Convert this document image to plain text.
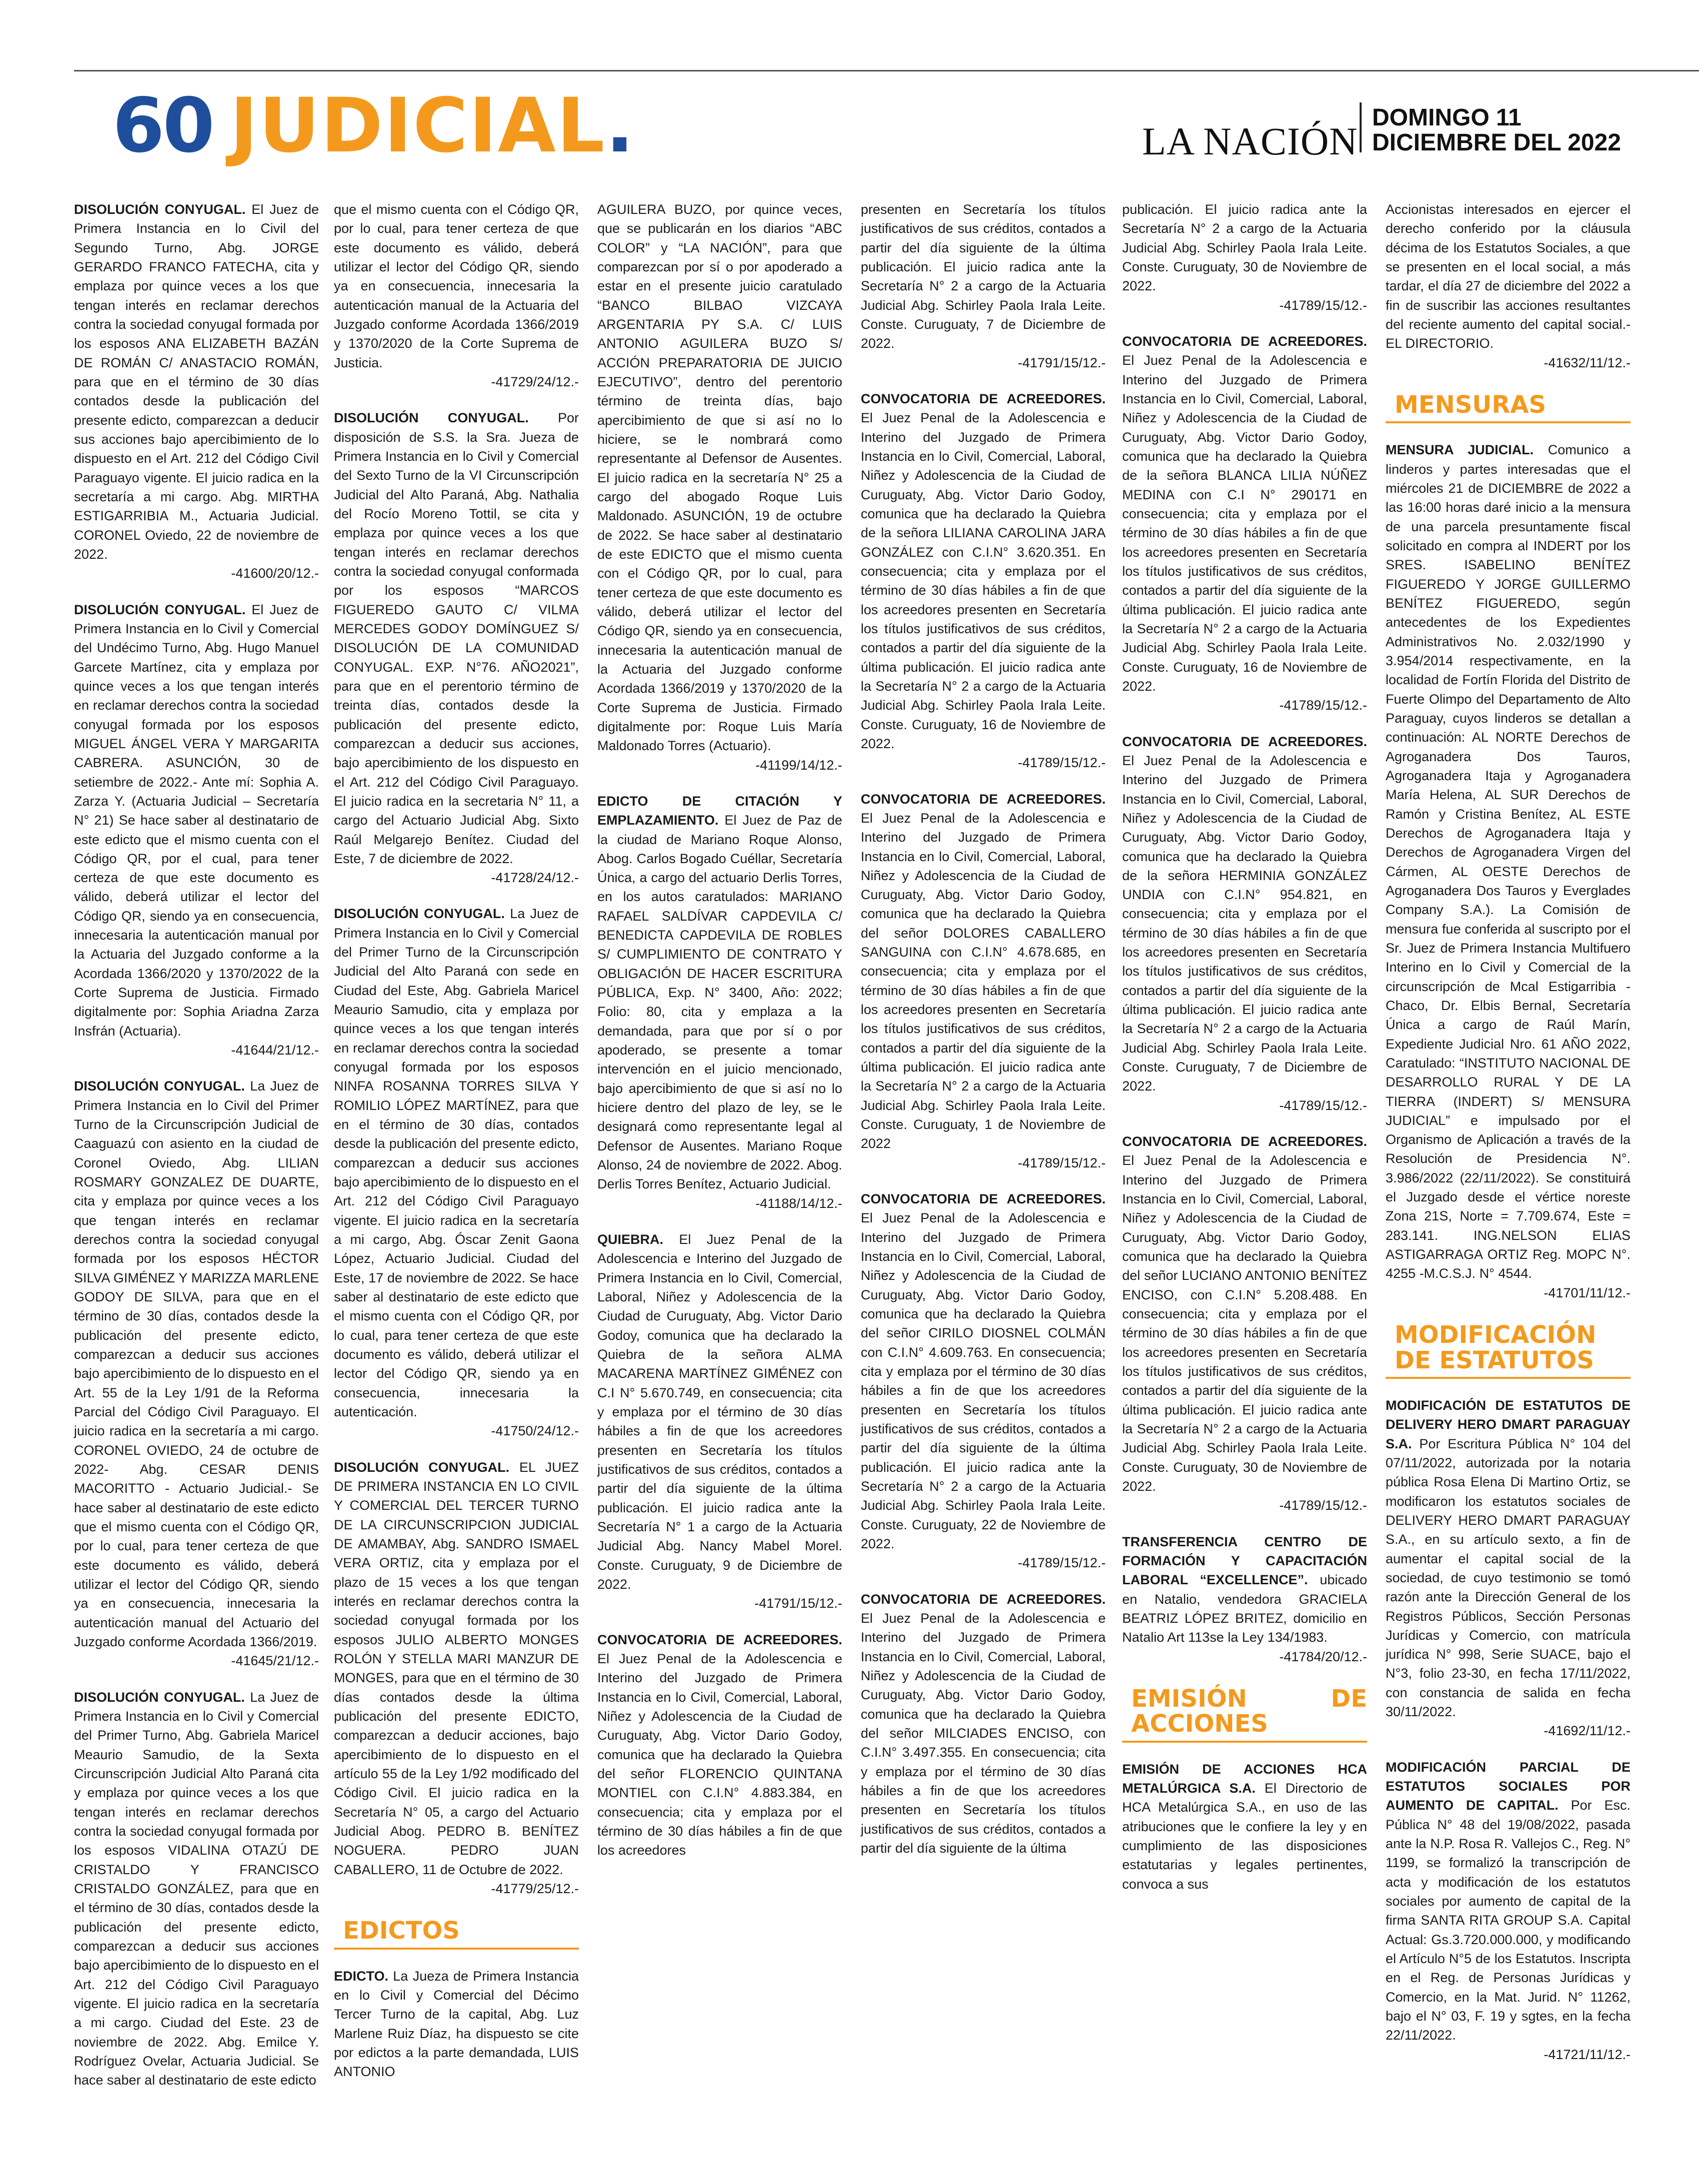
60 JUDICIAL.	LA NACIÓN
DOMINGO 11
DICIEMBRE DEL 2022

DISOLUCIÓN CONYUGAL. El Juez de Primera Instancia en lo Civil del Segundo Turno, Abg. JORGE GERARDO FRANCO FATECHA, cita y emplaza por quince veces a los que tengan interés en reclamar derechos contra la sociedad conyugal formada por los esposos ANA ELIZABETH BAZÁN DE ROMÁN C/ ANASTACIO ROMÁN, para que en el término de 30 días contados desde la publicación del presente edicto, comparezcan a deducir sus acciones bajo apercibimiento de lo dispuesto en el Art. 212 del Código Civil Paraguayo vigente. El juicio radica en la secretaría a mi cargo. Abg. MIRTHA ESTIGARRIBIA M., Actuaria Judicial. CORONEL Oviedo, 22 de noviembre de 2022.
-41600/20/12.-

DISOLUCIÓN CONYUGAL. El Juez de Primera Instancia en lo Civil y Comercial del Undécimo Turno, Abg. Hugo Manuel Garcete Martínez, cita y emplaza por quince veces a los que tengan interés en reclamar derechos contra la sociedad conyugal formada por los esposos MIGUEL ÁNGEL VERA Y MARGARITA CABRERA. ASUNCIÓN, 30 de setiembre de 2022.- Ante mí: Sophia A. Zarza Y. (Actuaria Judicial – Secretaría N° 21) Se hace saber al destinatario de este edicto que el mismo cuenta con el Código QR, por el cual, para tener certeza de que este documento es válido, deberá utilizar el lector del Código QR, siendo ya en consecuencia, innecesaria la autenticación manual por la Actuaria del Juzgado conforme a la Acordada 1366/2020 y 1370/2022 de la Corte Suprema de Justicia. Firmado digitalmente por: Sophia Ariadna Zarza Insfrán (Actuaria).
-41644/21/12.-

DISOLUCIÓN CONYUGAL. La Juez de Primera Instancia en lo Civil del Primer Turno de la Circunscripción Judicial de Caaguazú con asiento en la ciudad de Coronel Oviedo, Abg. LILIAN ROSMARY GONZALEZ DE DUARTE, cita y emplaza por quince veces a los que tengan interés en reclamar derechos contra la sociedad conyugal formada por los esposos HÉCTOR SILVA GIMÉNEZ Y MARIZZA MARLENE GODOY DE SILVA, para que en el término de 30 días, contados desde la publicación del presente edicto, comparezcan a deducir sus acciones bajo apercibimiento de lo dispuesto en el Art. 55 de la Ley 1/91 de la Reforma Parcial del Código Civil Paraguayo. El juicio radica en la secretaría a mi cargo. CORONEL OVIEDO, 24 de octubre de 2022- Abg. CESAR DENIS MACORITTO - Actuario Judicial.- Se hace saber al destinatario de este edicto que el mismo cuenta con el Código QR, por lo cual, para tener certeza de que este documento es válido, deberá utilizar el lector del Código QR, siendo ya en consecuencia, innecesaria la autenticación manual del Actuario del Juzgado conforme Acordada 1366/2019.
-41645/21/12.-

DISOLUCIÓN CONYUGAL. La Juez de Primera Instancia en lo Civil y Comercial del Primer Turno, Abg. Gabriela Maricel Meaurio Samudio, de la Sexta Circunscripción Judicial Alto Paraná cita y emplaza por quince veces a los que tengan interés en reclamar derechos contra la sociedad conyugal formada por los esposos VIDALINA OTAZÚ DE CRISTALDO Y FRANCISCO CRISTALDO GONZÁLEZ, para que en el término de 30 días, contados desde la publicación del presente edicto, comparezcan a deducir sus acciones bajo apercibimiento de lo dispuesto en el Art. 212 del Código Civil Paraguayo vigente. El juicio radica en la secretaría a mi cargo. Ciudad del Este. 23 de noviembre de 2022. Abg. Emilce Y. Rodríguez Ovelar, Actuaria Judicial. Se hace saber al destinatario de este edicto

que el mismo cuenta con el Código QR, por lo cual, para tener certeza de que este documento es válido, deberá utilizar el lector del Código QR, siendo ya en consecuencia, innecesaria la autenticación manual de la Actuaria del Juzgado conforme Acordada 1366/2019 y 1370/2020 de la Corte Suprema de Justicia.
-41729/24/12.-

DISOLUCIÓN CONYUGAL. Por disposición de S.S. la Sra. Jueza de Primera Instancia en lo Civil y Comercial del Sexto Turno de la VI Circunscripción Judicial del Alto Paraná, Abg. Nathalia del Rocío Moreno Tottil, se cita y emplaza por quince veces a los que tengan interés en reclamar derechos contra la sociedad conyugal conformada por los esposos “MARCOS FIGUEREDO GAUTO C/ VILMA MERCEDES GODOY DOMÍNGUEZ S/ DISOLUCIÓN DE LA COMUNIDAD CONYUGAL. EXP. N°76. AÑO2021”, para que en el perentorio término de treinta días, contados desde la publicación del presente edicto, comparezcan a deducir sus acciones, bajo apercibimiento de los dispuesto en el Art. 212 del Código Civil Paraguayo. El juicio radica en la secretaria N° 11, a cargo del Actuario Judicial Abg. Sixto Raúl Melgarejo Benítez. Ciudad del Este, 7 de diciembre de 2022.
-41728/24/12.-

DISOLUCIÓN CONYUGAL. La Juez de Primera Instancia en lo Civil y Comercial del Primer Turno de la Circunscripción Judicial del Alto Paraná con sede en Ciudad del Este, Abg. Gabriela Maricel Meaurio Samudio, cita y emplaza por quince veces a los que tengan interés en reclamar derechos contra la sociedad conyugal formada por los esposos NINFA ROSANNA TORRES SILVA Y ROMILIO LÓPEZ MARTÍNEZ, para que en el término de 30 días, contados desde la publicación del presente edicto, comparezcan a deducir sus acciones bajo apercibimiento de lo dispuesto en el Art. 212 del Código Civil Paraguayo vigente. El juicio radica en la secretaría a mi cargo, Abg. Óscar Zenit Gaona López, Actuario Judicial. Ciudad del Este, 17 de noviembre de 2022. Se hace saber al destinatario de este edicto que el mismo cuenta con el Código QR, por lo cual, para tener certeza de que este documento es válido, deberá utilizar el lector del Código QR, siendo ya en consecuencia, innecesaria la autenticación.
-41750/24/12.-

DISOLUCIÓN CONYUGAL. EL JUEZ DE PRIMERA INSTANCIA EN LO CIVIL Y COMERCIAL DEL TERCER TURNO DE LA CIRCUNSCRIPCION JUDICIAL DE AMAMBAY, Abg. SANDRO ISMAEL VERA ORTIZ, cita y emplaza por el plazo de 15 veces a los que tengan interés en reclamar derechos contra la sociedad conyugal formada por los esposos JULIO ALBERTO MONGES ROLÓN Y STELLA MARI MANZUR DE MONGES, para que en el término de 30 días contados desde la última publicación del presente EDICTO, comparezcan a deducir acciones, bajo apercibimiento de lo dispuesto en el artículo 55 de la Ley 1/92 modificado del Código Civil. El juicio radica en la Secretaría N° 05, a cargo del Actuario Judicial Abog. PEDRO B. BENÍTEZ NOGUERA. PEDRO JUAN CABALLERO, 11 de Octubre de 2022.
-41779/25/12.-

EDICTOS

EDICTO. La Jueza de Primera Instancia en lo Civil y Comercial del Décimo Tercer Turno de la capital, Abg. Luz Marlene Ruiz Díaz, ha dispuesto se cite por edictos a la parte demandada, LUIS ANTONIO

AGUILERA BUZO, por quince veces, que se publicarán en los diarios “ABC COLOR” y “LA NACIÓN”, para que comparezcan por sí o por apoderado a estar en el presente juicio caratulado “BANCO BILBAO VIZCAYA ARGENTARIA PY S.A. C/ LUIS ANTONIO AGUILERA BUZO S/ ACCIÓN PREPARATORIA DE JUICIO EJECUTIVO”, dentro del perentorio término de treinta días, bajo apercibimiento de que si así no lo hiciere, se le nombrará como representante al Defensor de Ausentes. El juicio radica en la secretaría N° 25 a cargo del abogado Roque Luis Maldonado. ASUNCIÓN, 19 de octubre de 2022. Se hace saber al destinatario de este EDICTO que el mismo cuenta con el Código QR, por lo cual, para tener certeza de que este documento es válido, deberá utilizar el lector del Código QR, siendo ya en consecuencia, innecesaria la autenticación manual de la Actuaria del Juzgado conforme Acordada 1366/2019 y 1370/2020 de la Corte Suprema de Justicia. Firmado digitalmente por: Roque Luis María Maldonado Torres (Actuario).
-41199/14/12.-

EDICTO DE CITACIÓN Y EMPLAZAMIENTO. El Juez de Paz de la ciudad de Mariano Roque Alonso, Abog. Carlos Bogado Cuéllar, Secretaría Única, a cargo del actuario Derlis Torres, en los autos caratulados: MARIANO RAFAEL SALDÍVAR CAPDEVILA C/ BENEDICTA CAPDEVILA DE ROBLES S/ CUMPLIMIENTO DE CONTRATO Y OBLIGACIÓN DE HACER ESCRITURA PÚBLICA, Exp. N° 3400, Año: 2022; Folio: 80, cita y emplaza a la demandada, para que por sí o por apoderado, se presente a tomar intervención en el juicio mencionado, bajo apercibimiento de que si así no lo hiciere dentro del plazo de ley, se le designará como representante legal al Defensor de Ausentes. Mariano Roque Alonso, 24 de noviembre de 2022. Abog. Derlis Torres Benítez, Actuario Judicial.
-41188/14/12.-

QUIEBRA. El Juez Penal de la Adolescencia e Interino del Juzgado de Primera Instancia en lo Civil, Comercial, Laboral, Niñez y Adolescencia de la Ciudad de Curuguaty, Abg. Victor Dario Godoy, comunica que ha declarado la Quiebra de la señora ALMA MACARENA MARTÍNEZ GIMÉNEZ con C.I N° 5.670.749, en consecuencia; cita y emplaza por el término de 30 días hábiles a fin de que los acreedores presenten en Secretaría los títulos justificativos de sus créditos, contados a partir del día siguiente de la última publicación. El juicio radica ante la Secretaría N° 1 a cargo de la Actuaria Judicial Abg. Nancy Mabel Morel. Conste. Curuguaty, 9 de Diciembre de 2022.
-41791/15/12.-

CONVOCATORIA DE ACREEDORES. El Juez Penal de la Adolescencia e Interino del Juzgado de Primera Instancia en lo Civil, Comercial, Laboral, Niñez y Adolescencia de la Ciudad de Curuguaty, Abg. Victor Dario Godoy, comunica que ha declarado la Quiebra del señor FLORENCIO QUINTANA MONTIEL con C.I.N° 4.883.384, en consecuencia; cita y emplaza por el término de 30 días hábiles a fin de que los acreedores

presenten en Secretaría los títulos justificativos de sus créditos, contados a partir del día siguiente de la última publicación. El juicio radica ante la Secretaría N° 2 a cargo de la Actuaria Judicial Abg. Schirley Paola Irala Leite. Conste. Curuguaty, 7 de Diciembre de 2022.
-41791/15/12.-

CONVOCATORIA DE ACREEDORES. El Juez Penal de la Adolescencia e Interino del Juzgado de Primera Instancia en lo Civil, Comercial, Laboral, Niñez y Adolescencia de la Ciudad de Curuguaty, Abg. Victor Dario Godoy, comunica que ha declarado la Quiebra de la señora LILIANA CAROLINA JARA GONZÁLEZ con C.I.N° 3.620.351. En consecuencia; cita y emplaza por el término de 30 días hábiles a fin de que los acreedores presenten en Secretaría los títulos justificativos de sus créditos, contados a partir del día siguiente de la última publicación. El juicio radica ante la Secretaría N° 2 a cargo de la Actuaria Judicial Abg. Schirley Paola Irala Leite. Conste. Curuguaty, 16 de Noviembre de 2022.
-41789/15/12.-

CONVOCATORIA DE ACREEDORES. El Juez Penal de la Adolescencia e Interino del Juzgado de Primera Instancia en lo Civil, Comercial, Laboral, Niñez y Adolescencia de la Ciudad de Curuguaty, Abg. Victor Dario Godoy, comunica que ha declarado la Quiebra del señor DOLORES CABALLERO SANGUINA con C.I.N° 4.678.685, en consecuencia; cita y emplaza por el término de 30 días hábiles a fin de que los acreedores presenten en Secretaría los títulos justificativos de sus créditos, contados a partir del día siguiente de la última publicación. El juicio radica ante la Secretaría N° 2 a cargo de la Actuaria Judicial Abg. Schirley Paola Irala Leite. Conste. Curuguaty, 1 de Noviembre de 2022
-41789/15/12.-

CONVOCATORIA DE ACREEDORES. El Juez Penal de la Adolescencia e Interino del Juzgado de Primera Instancia en lo Civil, Comercial, Laboral, Niñez y Adolescencia de la Ciudad de Curuguaty, Abg. Victor Dario Godoy, comunica que ha declarado la Quiebra del señor CIRILO DIOSNEL COLMÁN con C.I.N° 4.609.763. En consecuencia; cita y emplaza por el término de 30 días hábiles a fin de que los acreedores presenten en Secretaría los títulos justificativos de sus créditos, contados a partir del día siguiente de la última publicación. El juicio radica ante la Secretaría N° 2 a cargo de la Actuaria Judicial Abg. Schirley Paola Irala Leite. Conste. Curuguaty, 22 de Noviembre de 2022.
-41789/15/12.-

CONVOCATORIA DE ACREEDORES. El Juez Penal de la Adolescencia e Interino del Juzgado de Primera Instancia en lo Civil, Comercial, Laboral, Niñez y Adolescencia de la Ciudad de Curuguaty, Abg. Victor Dario Godoy, comunica que ha declarado la Quiebra del señor MILCIADES ENCISO, con C.I.N° 3.497.355. En consecuencia; cita y emplaza por el término de 30 días hábiles a fin de que los acreedores presenten en Secretaría los títulos justificativos de sus créditos, contados a partir del día siguiente de la última

publicación. El juicio radica ante la Secretaría N° 2 a cargo de la Actuaria Judicial Abg. Schirley Paola Irala Leite. Conste. Curuguaty, 30 de Noviembre de 2022.
-41789/15/12.-

CONVOCATORIA DE ACREEDORES. El Juez Penal de la Adolescencia e Interino del Juzgado de Primera Instancia en lo Civil, Comercial, Laboral, Niñez y Adolescencia de la Ciudad de Curuguaty, Abg. Victor Dario Godoy, comunica que ha declarado la Quiebra de la señora BLANCA LILIA NÚÑEZ MEDINA con C.I N° 290171 en consecuencia; cita y emplaza por el término de 30 días hábiles a fin de que los acreedores presenten en Secretaría los títulos justificativos de sus créditos, contados a partir del día siguiente de la última publicación. El juicio radica ante la Secretaría N° 2 a cargo de la Actuaria Judicial Abg. Schirley Paola Irala Leite. Conste. Curuguaty, 16 de Noviembre de 2022.
-41789/15/12.-

CONVOCATORIA DE ACREEDORES. El Juez Penal de la Adolescencia e Interino del Juzgado de Primera Instancia en lo Civil, Comercial, Laboral, Niñez y Adolescencia de la Ciudad de Curuguaty, Abg. Victor Dario Godoy, comunica que ha declarado la Quiebra de la señora HERMINIA GONZÁLEZ UNDIA con C.I.N° 954.821, en consecuencia; cita y emplaza por el término de 30 días hábiles a fin de que los acreedores presenten en Secretaría los títulos justificativos de sus créditos, contados a partir del día siguiente de la última publicación. El juicio radica ante la Secretaría N° 2 a cargo de la Actuaria Judicial Abg. Schirley Paola Irala Leite. Conste. Curuguaty, 7 de Diciembre de 2022.
-41789/15/12.-

CONVOCATORIA DE ACREEDORES. El Juez Penal de la Adolescencia e Interino del Juzgado de Primera Instancia en lo Civil, Comercial, Laboral, Niñez y Adolescencia de la Ciudad de Curuguaty, Abg. Victor Dario Godoy, comunica que ha declarado la Quiebra del señor LUCIANO ANTONIO BENÍTEZ ENCISO, con C.I.N° 5.208.488. En consecuencia; cita y emplaza por el término de 30 días hábiles a fin de que los acreedores presenten en Secretaría los títulos justificativos de sus créditos, contados a partir del día siguiente de la última publicación. El juicio radica ante la Secretaría N° 2 a cargo de la Actuaria Judicial Abg. Schirley Paola Irala Leite. Conste. Curuguaty, 30 de Noviembre de 2022.
-41789/15/12.-

TRANSFERENCIA CENTRO DE FORMACIÓN Y CAPACITACIÓN LABORAL “EXCELLENCE”. ubicado en Natalio, vendedora GRACIELA BEATRIZ LÓPEZ BRITEZ, domicilio en Natalio Art 113se la Ley 134/1983.
-41784/20/12.-

EMISIÓN DE ACCIONES

EMISIÓN DE ACCIONES HCA METALÚRGICA S.A. El Directorio de HCA Metalúrgica S.A., en uso de las atribuciones que le confiere la ley y en cumplimiento de las disposiciones estatutarias y legales pertinentes, convoca a sus

Accionistas interesados en ejercer el derecho conferido por la cláusula décima de los Estatutos Sociales, a que se presenten en el local social, a más tardar, el día 27 de diciembre del 2022 a fin de suscribir las acciones resultantes del reciente aumento del capital social.- EL DIRECTORIO.
-41632/11/12.-

MENSURAS

MENSURA JUDICIAL. Comunico a linderos y partes interesadas que el miércoles 21 de DICIEMBRE de 2022 a las 16:00 horas daré inicio a la mensura de una parcela presuntamente fiscal solicitado en compra al INDERT por los SRES. ISABELINO BENÍTEZ FIGUEREDO Y JORGE GUILLERMO BENÍTEZ FIGUEREDO, según antecedentes de los Expedientes Administrativos No. 2.032/1990 y 3.954/2014 respectivamente, en la localidad de Fortín Florida del Distrito de Fuerte Olimpo del Departamento de Alto Paraguay, cuyos linderos se detallan a continuación: AL NORTE Derechos de Agroganadera Dos Tauros, Agroganadera Itaja y Agroganadera María Helena, AL SUR Derechos de Ramón y Cristina Benítez, AL ESTE Derechos de Agroganadera Itaja y Derechos de Agroganadera Virgen del Cármen, AL OESTE Derechos de Agroganadera Dos Tauros y Everglades Company S.A.). La Comisión de mensura fue conferida al suscripto por el Sr. Juez de Primera Instancia Multifuero Interino en lo Civil y Comercial de la circunscripción de Mcal Estigarribia - Chaco, Dr. Elbis Bernal, Secretaría Única a cargo de Raúl Marín, Expediente Judicial Nro. 61 AÑO 2022, Caratulado: “INSTITUTO NACIONAL DE DESARROLLO RURAL Y DE LA TIERRA (INDERT) S/ MENSURA JUDICIAL” e impulsado por el Organismo de Aplicación a través de la Resolución de Presidencia N°. 3.986/2022 (22/11/2022). Se constituirá el Juzgado desde el vértice noreste Zona 21S, Norte = 7.709.674, Este = 283.141. ING.NELSON ELIAS ASTIGARRAGA ORTIZ Reg. MOPC N°. 4255 -M.C.S.J. N° 4544.
-41701/11/12.-

MODIFICACIÓN DE ESTATUTOS

MODIFICACIÓN DE ESTATUTOS DE DELIVERY HERO DMART PARAGUAY S.A. Por Escritura Pública N° 104 del 07/11/2022, autorizada por la notaria pública Rosa Elena Di Martino Ortiz, se modificaron los estatutos sociales de DELIVERY HERO DMART PARAGUAY S.A., en su artículo sexto, a fin de aumentar el capital social de la sociedad, de cuyo testimonio se tomó razón ante la Dirección General de los Registros Públicos, Sección Personas Jurídicas y Comercio, con matrícula jurídica N° 998, Serie SUACE, bajo el N°3, folio 23-30, en fecha 17/11/2022, con constancia de salida en fecha 30/11/2022.
-41692/11/12.-

MODIFICACIÓN PARCIAL DE ESTATUTOS SOCIALES POR AUMENTO DE CAPITAL. Por Esc. Pública N° 48 del 19/08/2022, pasada ante la N.P. Rosa R. Vallejos C., Reg. N° 1199, se formalizó la transcripción de acta y modificación de los estatutos sociales por aumento de capital de la firma SANTA RITA GROUP S.A. Capital Actual: Gs.3.720.000.000, y modificando el Artículo N°5 de los Estatutos. Inscripta en el Reg. de Personas Jurídicas y Comercio, en la Mat. Jurid. N° 11262, bajo el N° 03, F. 19 y sgtes, en la fecha 22/11/2022.
-41721/11/12.-
